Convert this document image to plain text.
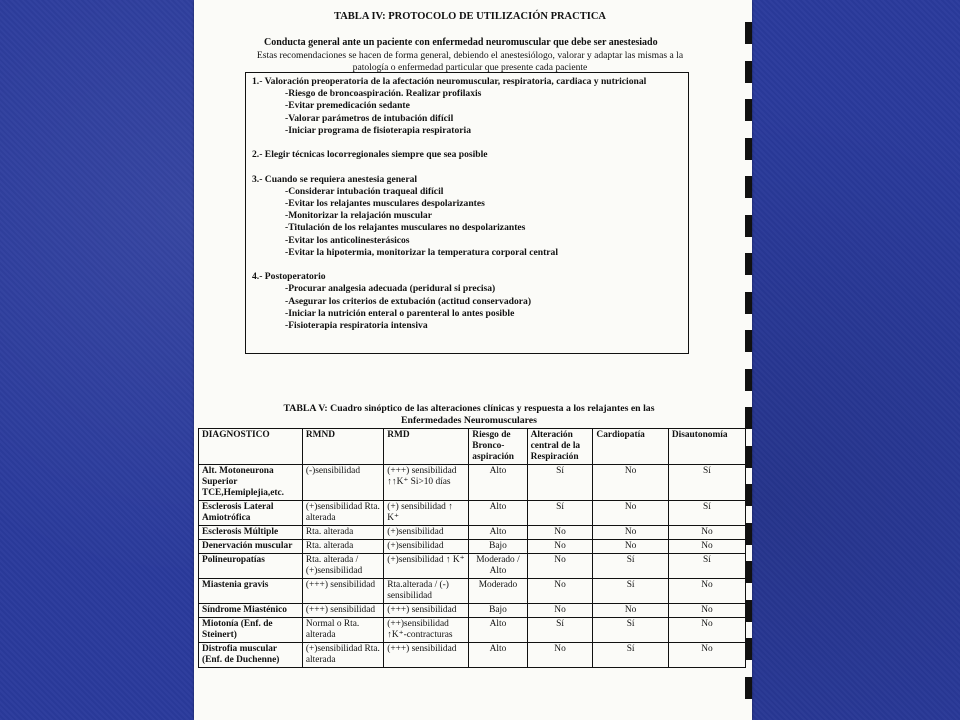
TABLA IV: PROTOCOLO DE UTILIZACIÓN PRACTICA
Conducta general ante un paciente con enfermedad neuromuscular que debe ser anestesiado
Estas recomendaciones se hacen de forma general, debiendo el anestesiólogo, valorar y adaptar las mismas a la patología o enfermedad particular que presente cada paciente
1.- Valoración preoperatoria de la afectación neuromuscular, respiratoria, cardiaca y nutricional
-Riesgo de broncoaspiración. Realizar profilaxis
-Evitar premedicación sedante
-Valorar parámetros de intubación difícil
-Iniciar programa de fisioterapia respiratoria
2.- Elegir técnicas locorregionales siempre que sea posible
3.- Cuando se requiera anestesia general
-Considerar intubación traqueal difícil
-Evitar los relajantes musculares despolarizantes
-Monitorizar la relajación muscular
-Titulación de los relajantes musculares no despolarizantes
-Evitar los anticolinesterásicos
-Evitar la hipotermia, monitorizar la temperatura corporal central
4.- Postoperatorio
-Procurar analgesia adecuada (peridural si precisa)
-Asegurar los criterios de extubación (actitud conservadora)
-Iniciar la nutrición enteral o parenteral lo antes posible
-Fisioterapia respiratoria intensiva
TABLA V: Cuadro sinóptico de las alteraciones clínicas y respuesta a los relajantes en las Enfermedades Neuromusculares
DIAGNOSTICO	RMND	RMD	Riesgo de Bronco-aspiración	Alteración central de la Respiración	Cardiopatía	Disautonomía
Alt. Motoneurona Superior TCE,Hemiplejia,etc.	(-)sensibilidad	(+++) sensibilidad ↑↑K⁺ Si>10 días	Alto	Sí	No	Sí
Esclerosis Lateral Amiotrófica	(+)sensibilidad Rta. alterada	(+) sensibilidad ↑ K⁺	Alto	Sí	No	Sí
Esclerosis Múltiple	Rta. alterada	(+)sensibilidad	Alto	No	No	No
Denervación muscular	Rta. alterada	(+)sensibilidad	Bajo	No	No	No
Polineuropatías	Rta. alterada / (+)sensibilidad	(+)sensibilidad ↑ K⁺	Moderado / Alto	No	Sí	Sí
Miastenia gravis	(+++) sensibilidad	Rta.alterada / (-) sensibilidad	Moderado	No	Sí	No
Síndrome Miasténico	(+++) sensibilidad	(+++) sensibilidad	Bajo	No	No	No
Miotonía (Enf. de Steinert)	Normal o Rta. alterada	(++)sensibilidad ↑K⁺-contracturas	Alto	Sí	Sí	No
Distrofia muscular (Enf. de Duchenne)	(+)sensibilidad Rta. alterada	(+++) sensibilidad	Alto	No	Sí	No
